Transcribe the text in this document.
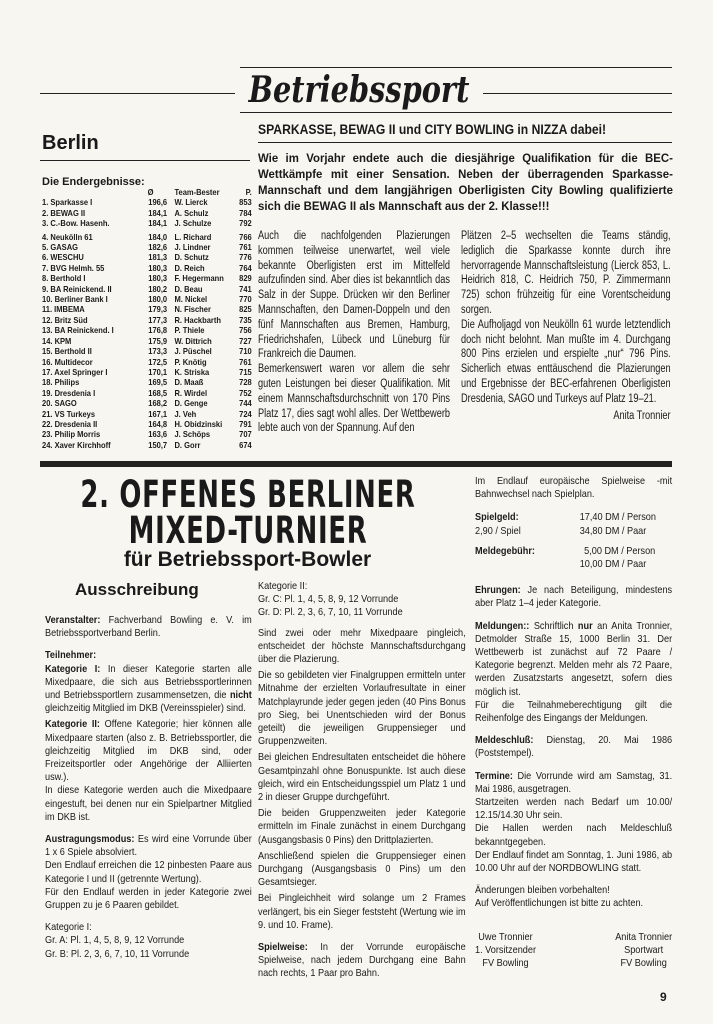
Betriebssport
Berlin
Die Endergebnisse:
	Ø	Team-Bester	P.
1. Sparkasse I	196,6	W. Lierck	853
2. BEWAG II	184,1	A. Schulz	784
3. C.-Bow. Hasenh.	184,1	J. Schulze	792
4. Neukölln 61	184,0	L. Richard	766
5. GASAG	182,6	J. Lindner	761
6. WESCHU	181,3	D. Schutz	776
7. BVG Helmh. 55	180,3	D. Reich	764
8. Berthold I	180,3	F. Hegermann	829
9. BA Reinickend. II	180,2	D. Beau	741
10. Berliner Bank I	180,0	M. Nickel	770
11. IMBEMA	179,3	N. Fischer	825
12. Britz Süd	177,3	R. Hackbarth	735
13. BA Reinickend. I	176,8	P. Thiele	756
14. KPM	175,9	W. Dittrich	727
15. Berthold II	173,3	J. Püschel	710
16. Multidecor	172,5	P. Knötig	761
17. Axel Springer I	170,1	K. Striska	715
18. Philips	169,5	D. Maaß	728
19. Dresdenia I	168,5	R. Wirdel	752
20. SAGO	168,2	D. Genge	744
21. VS Turkeys	167,1	J. Veh	724
22. Dresdenia II	164,8	H. Obidzinski	791
23. Philip Morris	163,6	J. Schöps	707
24. Xaver Kirchhoff	150,7	D. Gorr	674
SPARKASSE, BEWAG II und CITY BOWLING in NIZZA dabei!
Wie im Vorjahr endete auch die diesjährige Qualifikation für die BEC-Wettkämpfe mit einer Sensation. Neben der überragenden Sparkasse-Mannschaft und dem langjährigen Oberligisten City Bowling qualifizierte sich die BEWAG II als Mannschaft aus der 2. Klasse!!!

Auch die nachfolgenden Plazierungen kommen teilweise unerwartet, weil viele bekannte Oberligisten erst im Mittelfeld aufzufinden sind. Aber dies ist bekanntlich das Salz in der Suppe. Drücken wir den Berliner Mannschaften, den Damen-Doppeln und den fünf Mannschaften aus Bremen, Hamburg, Friedrichshafen, Lübeck und Lüneburg für Frankreich die Daumen.

Bemerkenswert waren vor allem die sehr guten Leistungen bei dieser Qualifikation. Mit einem Mannschaftsdurchschnitt von 170 Pins Platz 17, dies sagt wohl alles. Der Wettbewerb lebte auch von der Spannung. Auf den

Plätzen 2–5 wechselten die Teams ständig, lediglich die Sparkasse konnte durch ihre hervorragende Mannschaftsleistung (Lierck 853, L. Heidrich 818, C. Heidrich 750, P. Zimmermann 725) schon frühzeitig für eine Vorentscheidung sorgen.

Die Aufholjagd von Neukölln 61 wurde letztendlich doch nicht belohnt. Man mußte im 4. Durchgang 800 Pins erzielen und erspielte „nur“ 796 Pins. Sicherlich etwas enttäuschend die Plazierungen und Ergebnisse der BEC-erfahrenen Oberligisten Dresdenia, SAGO und Turkeys auf Platz 19–21.

Anita Tronnier

2. OFFENES BERLINER
MIXED-TURNIER
für Betriebssport-Bowler
Ausschreibung

Veranstalter: Fachverband Bowling e. V. im Betriebssportverband Berlin.

Teilnehmer:
Kategorie I: In dieser Kategorie starten alle Mixedpaare, die sich aus Betriebssportlerinnen und Betriebssportlern zusammensetzen, die nicht gleichzeitig Mitglied im DKB (Vereinsspieler) sind.

Kategorie II: Offene Kategorie; hier können alle Mixedpaare starten (also z. B. Betriebssportler, die gleichzeitig Mitglied im DKB sind, oder Freizeitsportler oder Angehörige der Alliierten usw.).
In diese Kategorie werden auch die Mixedpaare eingestuft, bei denen nur ein Spielpartner Mitglied im DKB ist.

Austragungsmodus: Es wird eine Vorrunde über 1 x 6 Spiele absolviert.
Den Endlauf erreichen die 12 pinbesten Paare aus Kategorie I und II (getrennte Wertung).
Für den Endlauf werden in jeder Kategorie zwei Gruppen zu je 6 Paaren gebildet.

Kategorie I:
Gr. A: Pl. 1, 4, 5, 8, 9, 12 Vorrunde
Gr. B: Pl. 2, 3, 6, 7, 10, 11 Vorrunde

Kategorie II:
Gr. C: Pl. 1, 4, 5, 8, 9, 12 Vorrunde
Gr. D: Pl. 2, 3, 6, 7, 10, 11 Vorrunde

Sind zwei oder mehr Mixedpaare pingleich, entscheidet der höchste Mannschaftsdurchgang über die Plazierung.

Die so gebildeten vier Finalgruppen ermitteln unter Mitnahme der erzielten Vorlaufresultate in einer Matchplayrunde jeder gegen jeden (40 Pins Bonus pro Sieg, bei Unentschieden wird der Bonus geteilt) die jeweiligen Gruppensieger und Gruppenzweiten.

Bei gleichen Endresultaten entscheidet die höhere Gesamtpinzahl ohne Bonuspunkte. Ist auch diese gleich, wird ein Entscheidungsspiel um Platz 1 und 2 in dieser Gruppe durchgeführt.

Die beiden Gruppenzweiten jeder Kategorie ermitteln im Finale zunächst in einem Durchgang (Ausgangsbasis 0 Pins) den Drittplazierten.

Anschließend spielen die Gruppensieger einen Durchgang (Ausgangsbasis 0 Pins) um den Gesamtsieger.

Bei Pingleichheit wird solange um 2 Frames verlängert, bis ein Sieger feststeht (Wertung wie im 9. und 10. Frame).

Spielweise: In der Vorrunde europäische Spielweise, nach jedem Durchgang eine Bahn nach rechts, 1 Paar pro Bahn.

Im Endlauf europäische Spielweise -mit Bahnwechsel nach Spielplan.

Spielgeld:	17,40 DM / Person
2,90 / Spiel	34,80 DM / Paar
Meldegebühr:	5,00 DM / Person
10,00 DM / Paar

Ehrungen: Je nach Beteiligung, mindestens aber Platz 1–4 jeder Kategorie.

Meldungen:: Schriftlich nur an Anita Tronnier, Detmolder Straße 15, 1000 Berlin 31. Der Wettbewerb ist zunächst auf 72 Paare / Kategorie begrenzt. Melden mehr als 72 Paare, werden Zusatzstarts angesetzt, sofern dies möglich ist.
Für die Teilnahmeberechtigung gilt die Reihenfolge des Eingangs der Meldungen.

Meldeschluß: Dienstag, 20. Mai 1986 (Poststempel).

Termine: Die Vorrunde wird am Samstag, 31. Mai 1986, ausgetragen.
Startzeiten werden nach Bedarf um 10.00/ 12.15/14.30 Uhr sein.
Die Hallen werden nach Meldeschluß bekanntgegeben.
Der Endlauf findet am Sonntag, 1. Juni 1986, ab 10.00 Uhr auf der NORDBOWLING statt.

Änderungen bleiben vorbehalten!
Auf Veröffentlichungen ist bitte zu achten.

Uwe Tronnier
1. Vorsitzender
FV Bowling
Anita Tronnier
Sportwart
FV Bowling
9
